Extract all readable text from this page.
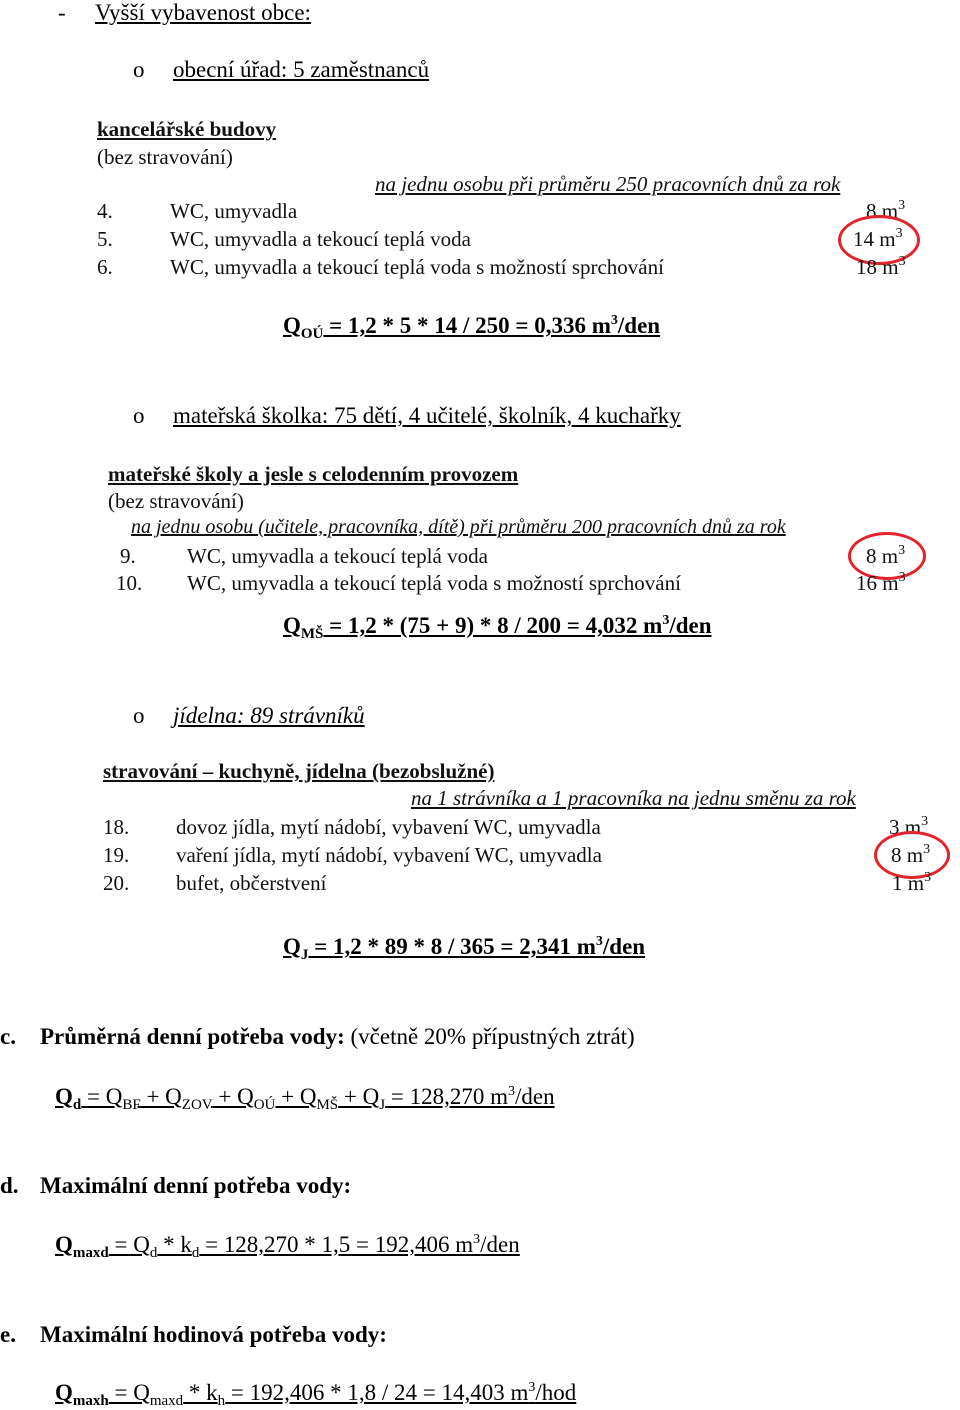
- Vyšší vybavenost obce:
o obecní úřad: 5 zaměstnanců
kancelářské budovy
(bez stravování)
na jednu osobu při průměru 250 pracovních dnů za rok
4.	WC, umyvadla	8 $m^3$
5.	WC, umyvadla a tekoucí teplá voda	14 $m^3$
6.	WC, umyvadla a tekoucí teplá voda s možností sprchování	18 $m^3$
$Q_{OÚ} = 1,2 * 5 * 14 / 250 = 0,336$ $m^3$/den
o mateřská školka: 75 dětí, 4 učitelé, školník, 4 kuchařky
mateřské školy a jesle s celodenním provozem
(bez stravování)
na jednu osobu (učitele, pracovníka, dítě) při průměru 200 pracovních dnů za rok
9. WC, umyvadla a tekoucí teplá voda	8 $m^3$
10. WC, umyvadla a tekoucí teplá voda s možností sprchování	16 $m^3$
$Q_{MŠ} = 1,2 * (75 + 9) * 8 / 200 = 4,032$ $m^3$/den
o jídelna: 89 strávníků
stravování – kuchyně, jídelna (bezobslužné)
na 1 strávníka a 1 pracovníka na jednu směnu za rok
18. dovoz jídla, mytí nádobí, vybavení WC, umyvadla	3 $m^3$
19. vaření jídla, mytí nádobí, vybavení WC, umyvadla	8 $m^3$
20. bufet, občerstvení	1 $m^3$
$Q_J = 1,2 * 89 * 8 / 365 = 2,341$ $m^3$/den
c. Průměrná denní potřeba vody: (včetně 20% přípustných ztrát)
$Q_d = Q_{BF} + Q_{ZOV} + Q_{OÚ} + Q_{MŠ} + Q_J = 128,270$ $m^3$/den
d. Maximální denní potřeba vody:
$Q_{maxd} = Q_d * k_d = 128,270 * 1,5 = 192,406$ $m^3$/den
e. Maximální hodinová potřeba vody:
$Q_{maxh} = Q_{maxd} * k_h = 192,406 * 1,8 / 24 = 14,403$ $m^3$/hod
